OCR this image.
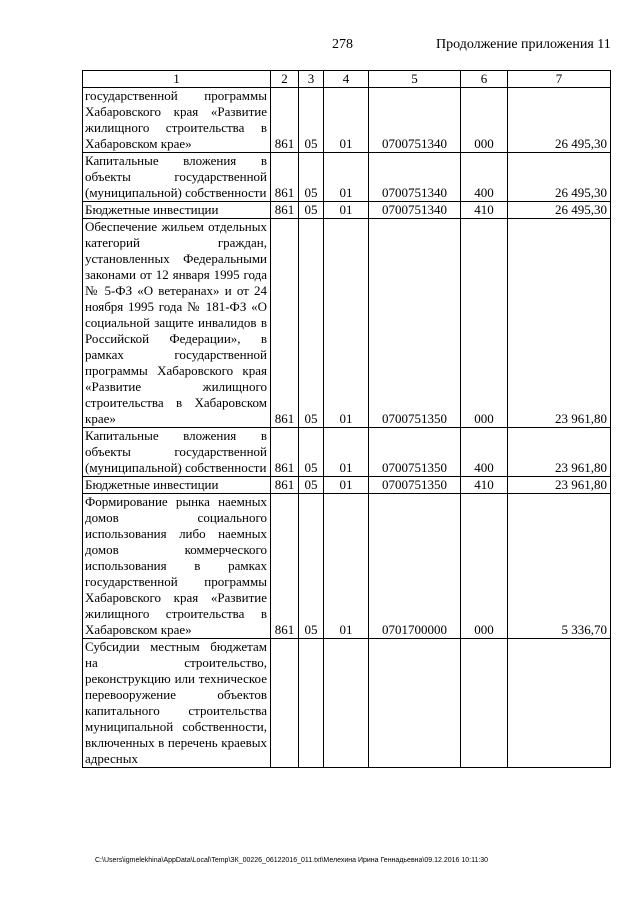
278	Продолжение приложения 11
1	2	3	4	5	6	7
государственной программы Хабаровского края «Развитие жилищного строительства в Хабаровском крае»	861	05	01	0700751340	000	26 495,30
Капитальные вложения в объекты государственной (муниципальной) собственности	861	05	01	0700751340	400	26 495,30
Бюджетные инвестиции	861	05	01	0700751340	410	26 495,30
Обеспечение жильем отдельных категорий граждан, установленных Федеральными законами от 12 января 1995 года № 5-ФЗ «О ветеранах» и от 24 ноября 1995 года № 181-ФЗ «О социальной защите инвалидов в Российской Федерации», в рамках государственной программы Хабаровского края «Развитие жилищного строительства в Хабаровском крае»	861	05	01	0700751350	000	23 961,80
Капитальные вложения в объекты государственной (муниципальной) собственности	861	05	01	0700751350	400	23 961,80
Бюджетные инвестиции	861	05	01	0700751350	410	23 961,80
Формирование рынка наемных домов социального использования либо наемных домов коммерческого использования в рамках государственной программы Хабаровского края «Развитие жилищного строительства в Хабаровском крае»	861	05	01	0701700000	000	5 336,70
Субсидии местным бюджетам на строительство, реконструкцию или техническое перевооружение объектов капитального строительства муниципальной собственности, включенных в перечень краевых адресных						
C:\Users\igmelekhina\AppData\Local\Temp\ЗК_00226_06122016_011.txt\Мелехина Ирина Геннадьевна\09.12.2016 10:11:30
